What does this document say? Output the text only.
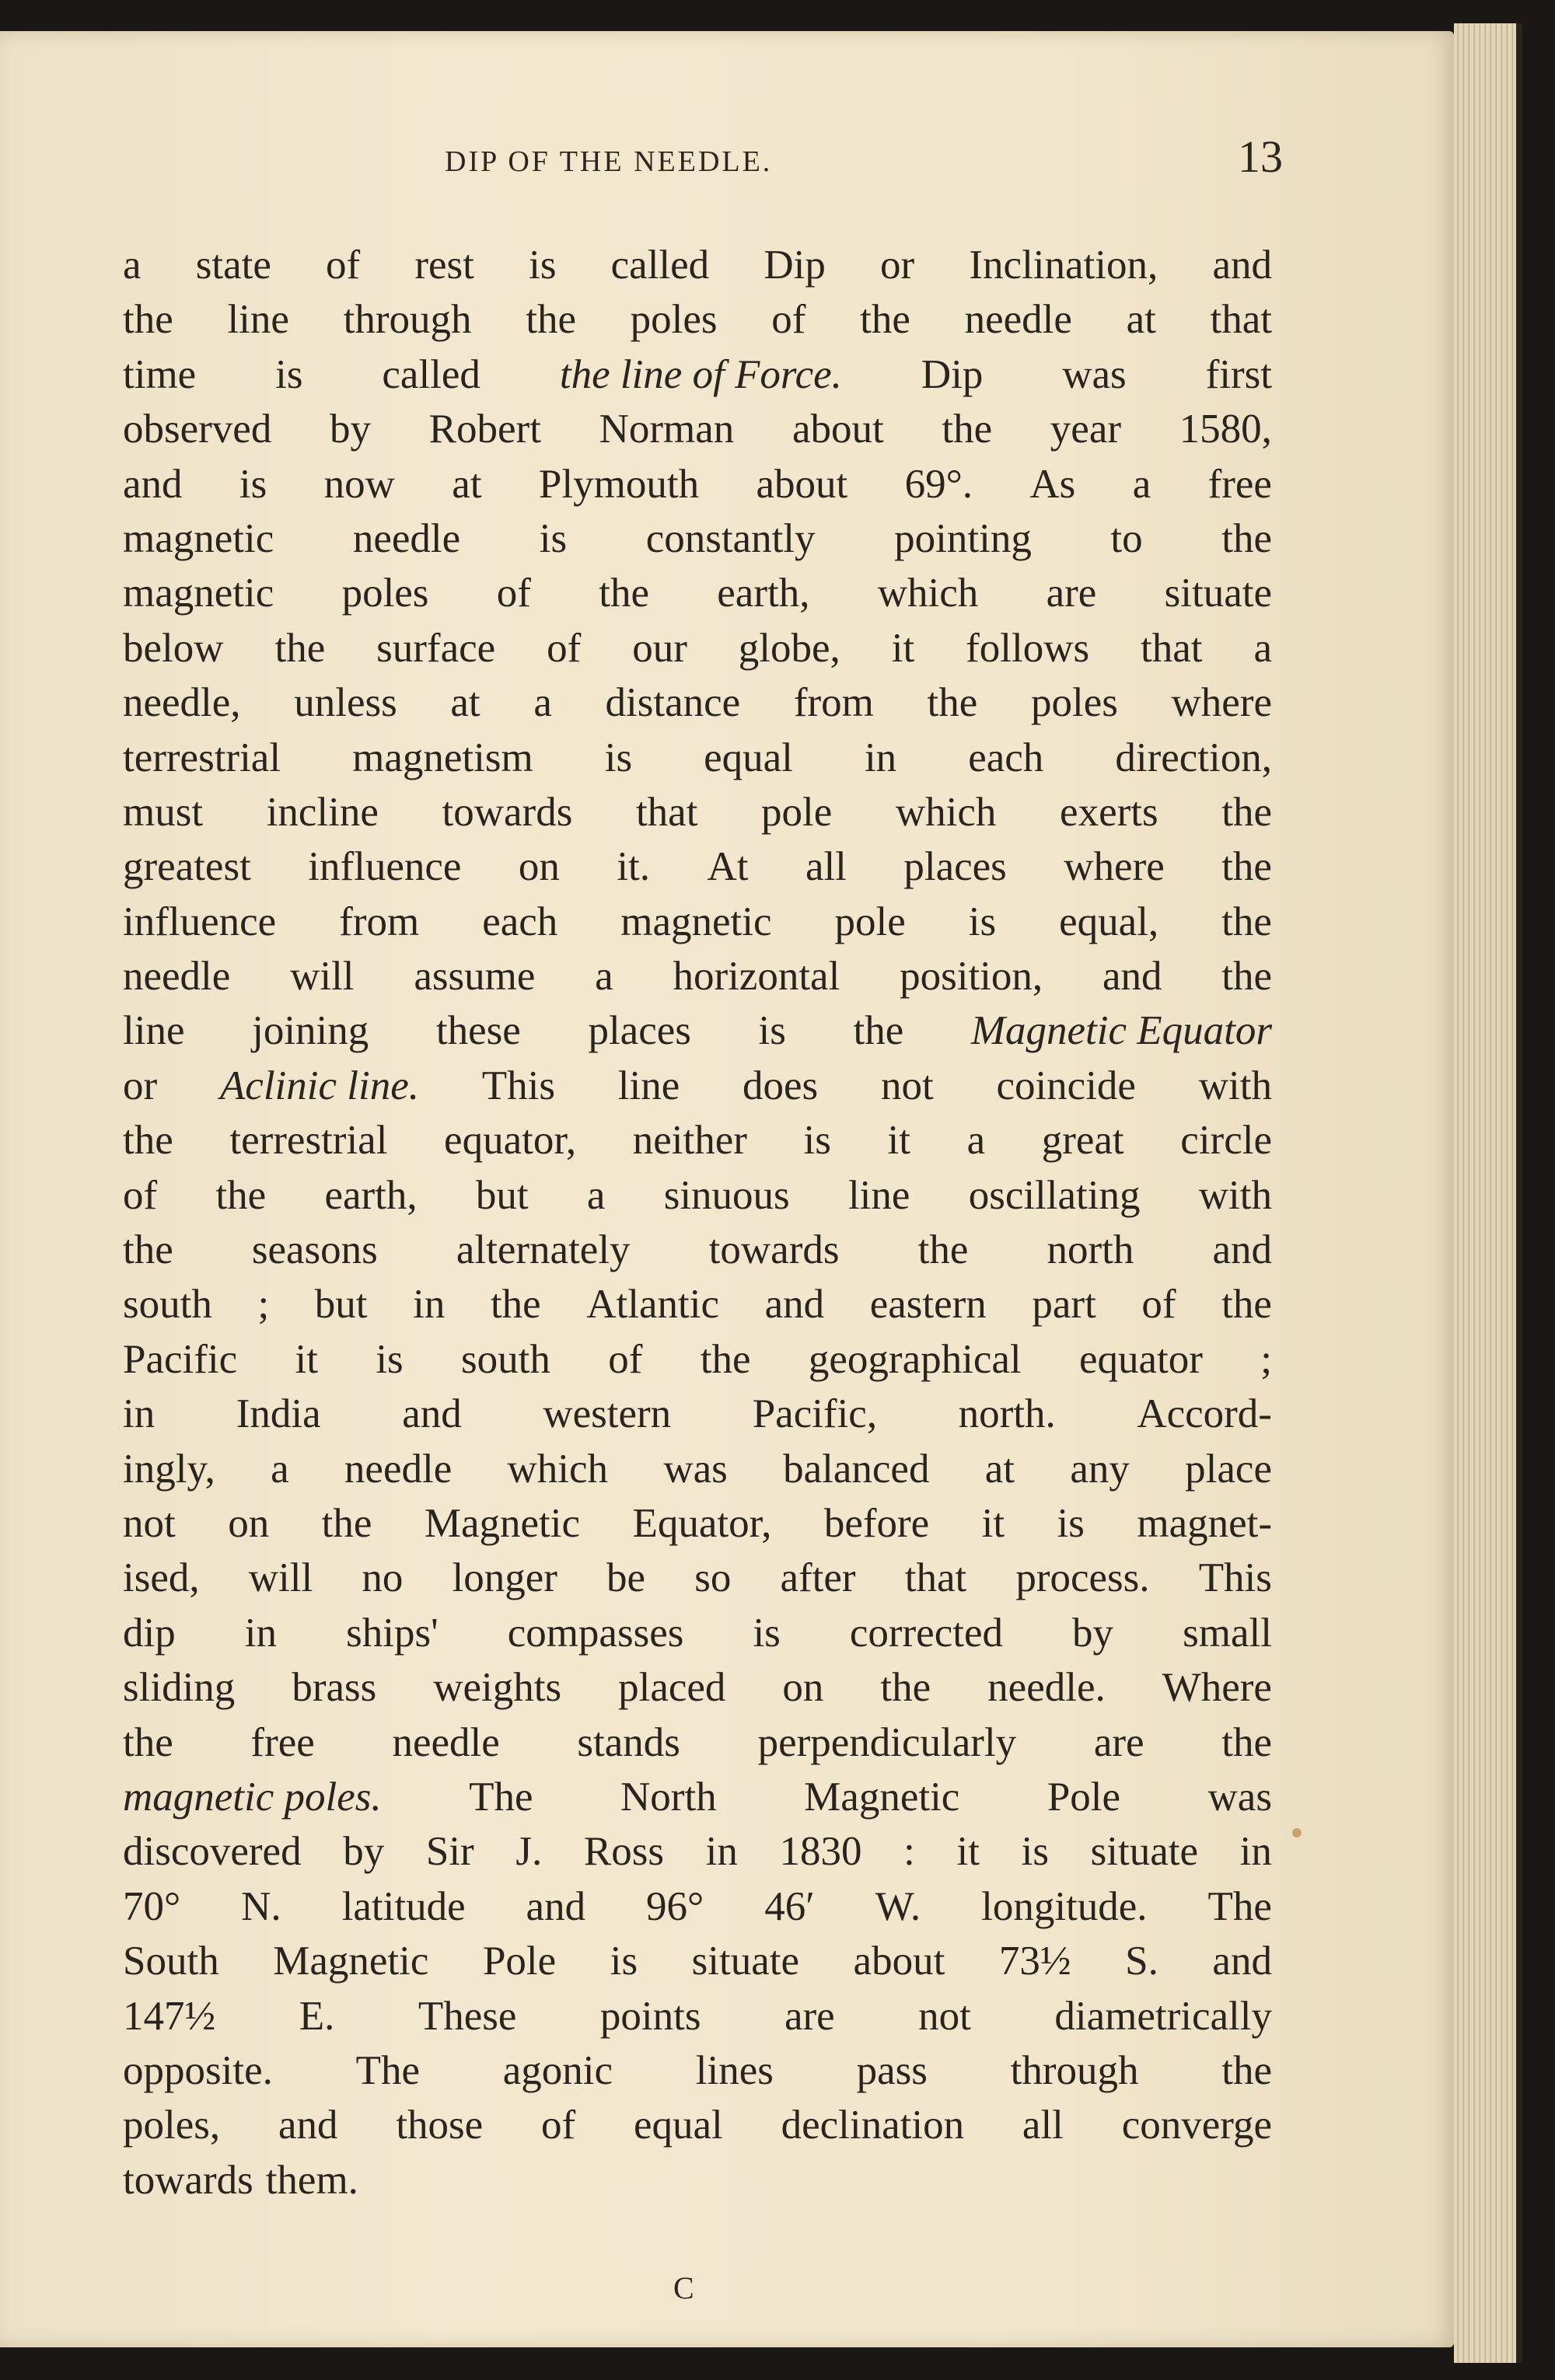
DIP OF THE NEEDLE.	13
a state of rest is called Dip or Inclination, and
the line through the poles of the needle at that
time is called the line of Force. Dip was first
observed by Robert Norman about the year 1580,
and is now at Plymouth about 69°. As a free
magnetic needle is constantly pointing to the
magnetic poles of the earth, which are situate
below the surface of our globe, it follows that a
needle, unless at a distance from the poles where
terrestrial magnetism is equal in each direction,
must incline towards that pole which exerts the
greatest influence on it. At all places where the
influence from each magnetic pole is equal, the
needle will assume a horizontal position, and the
line joining these places is the Magnetic Equator
or Aclinic line. This line does not coincide with
the terrestrial equator, neither is it a great circle
of the earth, but a sinuous line oscillating with
the seasons alternately towards the north and
south ; but in the Atlantic and eastern part of the
Pacific it is south of the geographical equator ;
in India and western Pacific, north. Accord-
ingly, a needle which was balanced at any place
not on the Magnetic Equator, before it is magnet-
ised, will no longer be so after that process. This
dip in ships' compasses is corrected by small
sliding brass weights placed on the needle. Where
the free needle stands perpendicularly are the
magnetic poles. The North Magnetic Pole was
discovered by Sir J. Ross in 1830 : it is situate in
70° N. latitude and 96° 46′ W. longitude. The
South Magnetic Pole is situate about 73½ S. and
147½ E. These points are not diametrically
opposite. The agonic lines pass through the
poles, and those of equal declination all converge
towards them.
C
